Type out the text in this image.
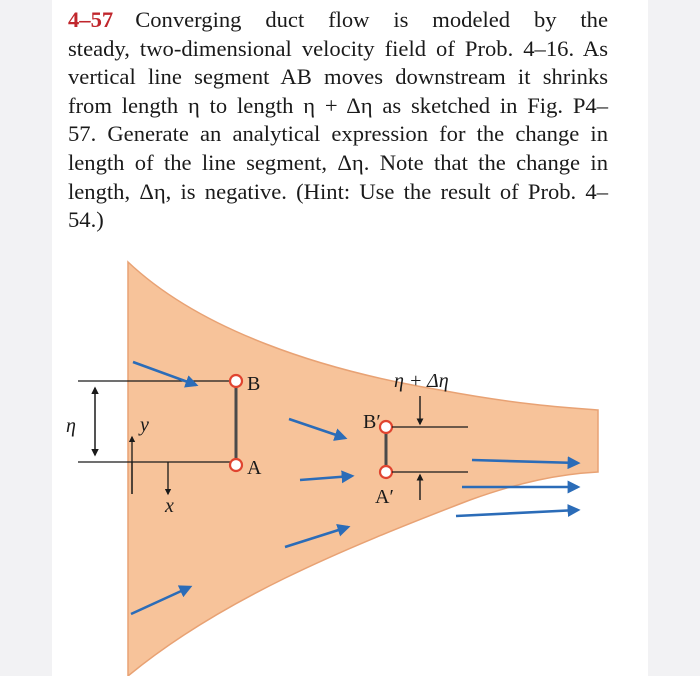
4–57 Converging duct flow is modeled by the
steady, two-dimensional velocity field of Prob. 4–16. As
vertical line segment AB moves downstream it shrinks
from length η to length η + Δη as sketched in Fig. P4–
57. Generate an analytical expression for the change in
length of the line segment, Δη. Note that the change in
length, Δη, is negative. (Hint: Use the result of Prob. 4–
54.)
η	y
x
B
A
B′
A′
η + Δη
